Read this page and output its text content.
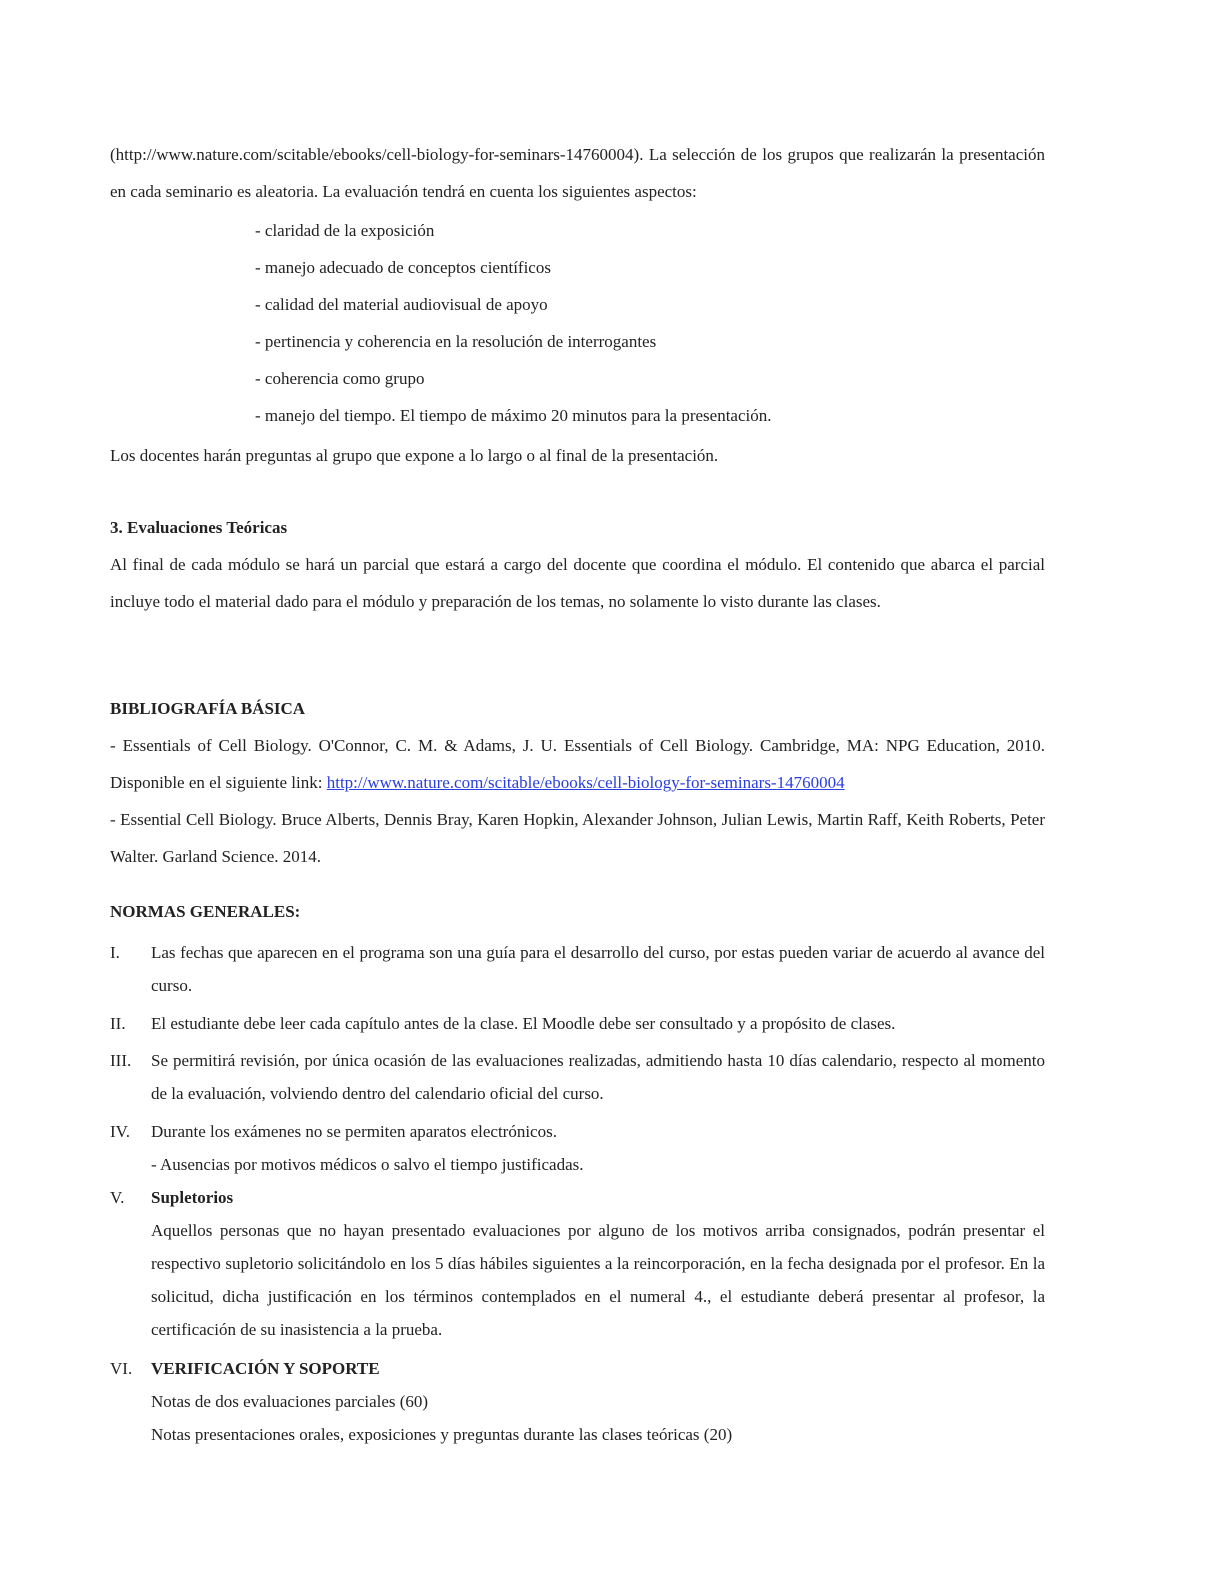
(http://www.nature.com/scitable/ebooks/cell-biology-for-seminars-14760004). La selección de los grupos que realizarán la presentación en cada seminario es aleatoria. La evaluación tendrá en cuenta los siguientes aspectos:
- claridad de la exposición
- manejo adecuado de conceptos científicos
- calidad del material audiovisual de apoyo
- pertinencia y coherencia en la resolución de interrogantes
- coherencia como grupo
- manejo del tiempo. El tiempo de máximo 20 minutos para la presentación.
Los docentes harán preguntas al grupo que expone a lo largo o al final de la presentación.
3. Evaluaciones Teóricas
Al final de cada módulo se hará un parcial que estará a cargo del docente que coordina el módulo. El contenido que abarca el parcial incluye todo el material dado para el módulo y preparación de los temas, no solamente lo visto durante las clases.
BIBLIOGRAFÍA BÁSICA
- Essentials of Cell Biology. O'Connor, C. M. & Adams, J. U. Essentials of Cell Biology. Cambridge, MA: NPG Education, 2010. Disponible en el siguiente link: http://www.nature.com/scitable/ebooks/cell-biology-for-seminars-14760004
- Essential Cell Biology. Bruce Alberts, Dennis Bray, Karen Hopkin, Alexander Johnson, Julian Lewis, Martin Raff, Keith Roberts, Peter Walter. Garland Science. 2014.
NORMAS GENERALES:
I.	Las fechas que aparecen en el programa son una guía para el desarrollo del curso, por estas pueden variar de acuerdo al avance del curso.
II.	El estudiante debe leer cada capítulo antes de la clase. El Moodle debe ser consultado y a propósito de clases.
III.	Se permitirá revisión, por única ocasión de las evaluaciones realizadas, admitiendo hasta 10 días calendario, respecto al momento de la evaluación, volviendo dentro del calendario oficial del curso.
IV.	Durante los exámenes no se permiten aparatos electrónicos.
- Ausencias por motivos médicos o salvo el tiempo justificadas.
V.	Supletorios
Aquellos personas que no hayan presentado evaluaciones por alguno de los motivos arriba consignados, podrán presentar el respectivo supletorio solicitándolo en los 5 días hábiles siguientes a la reincorporación, en la fecha designada por el profesor. En la solicitud, dicha justificación en los términos contemplados en el numeral 4., el estudiante deberá presentar al profesor, la certificación de su inasistencia a la prueba.
VI.	VERIFICACIÓN Y SOPORTE
Notas de dos evaluaciones parciales (60)
Notas presentaciones orales, exposiciones y preguntas durante las clases teóricas (20)
